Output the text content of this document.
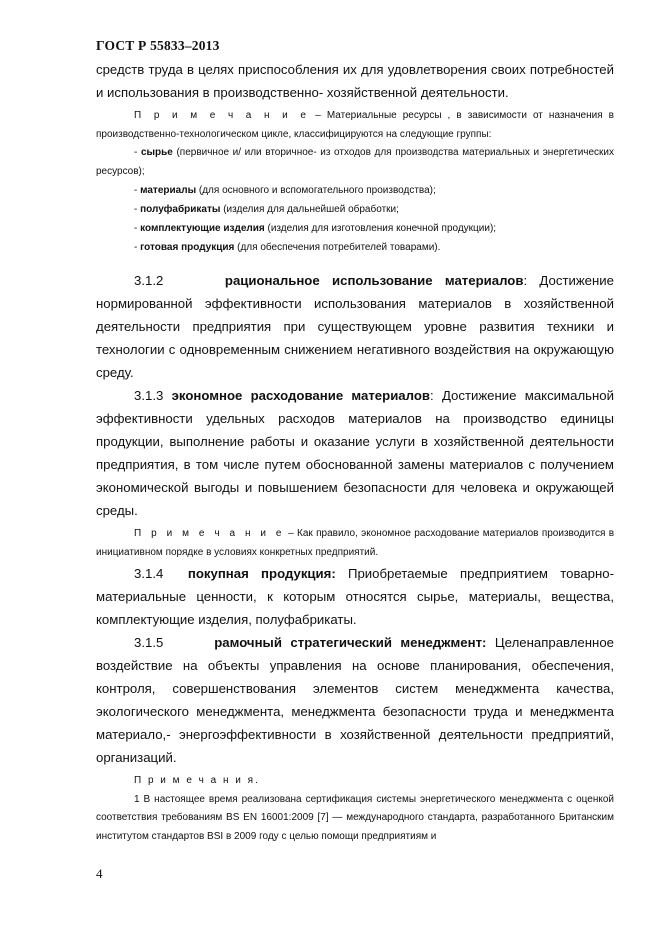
ГОСТ Р 55833–2013

средств труда в целях приспособления их для удовлетворения своих потребностей и использования в производственно- хозяйственной деятельности.

П р и м е ч а н и е – Материальные ресурсы , в зависимости от назначения в производственно-технологическом цикле, классифицируются на следующие группы:

- сырье (первичное и/ или вторичное- из отходов для производства материальных и энергетических ресурсов);

- материалы (для основного и вспомогательного производства);

- полуфабрикаты (изделия для дальнейшей обработки;

- комплектующие изделия (изделия для изготовления конечной продукции);

- готовая продукция (для обеспечения потребителей товарами).

3.1.2	рациональное использование материалов: Достижение нормированной эффективности использования материалов в хозяйственной деятельности предприятия при существующем уровне развития техники и технологии с одновременным снижением негативного воздействия на окружающую среду.

3.1.3 экономное расходование материалов: Достижение максимальной эффективности удельных расходов материалов на производство единицы продукции, выполнение работы и оказание услуги в хозяйственной деятельности предприятия, в том числе путем обоснованной замены материалов с получением экономической выгоды и повышением безопасности для человека и окружающей среды.

П р и м е ч а н и е – Как правило, экономное расходование материалов производится в инициативном порядке в условиях конкретных предприятий.

3.1.4 покупная продукция: Приобретаемые предприятием товарно-материальные ценности, к которым относятся сырье, материалы, вещества, комплектующие изделия, полуфабрикаты.

3.1.5	рамочный стратегический менеджмент: Целенаправленное воздействие на объекты управления на основе планирования, обеспечения, контроля, совершенствования элементов систем менеджмента качества, экологического менеджмента, менеджмента безопасности труда и менеджмента материало,- энергоэффективности в хозяйственной деятельности предприятий, организаций.

П р и м е ч а н и я.

1 В настоящее время реализована сертификация системы энергетического менеджмента с оценкой соответствия требованиям BS EN 16001:2009 [7] — международного стандарта, разработанного Британским институтом стандартов BSI в 2009 году с целью помощи предприятиям и

4
